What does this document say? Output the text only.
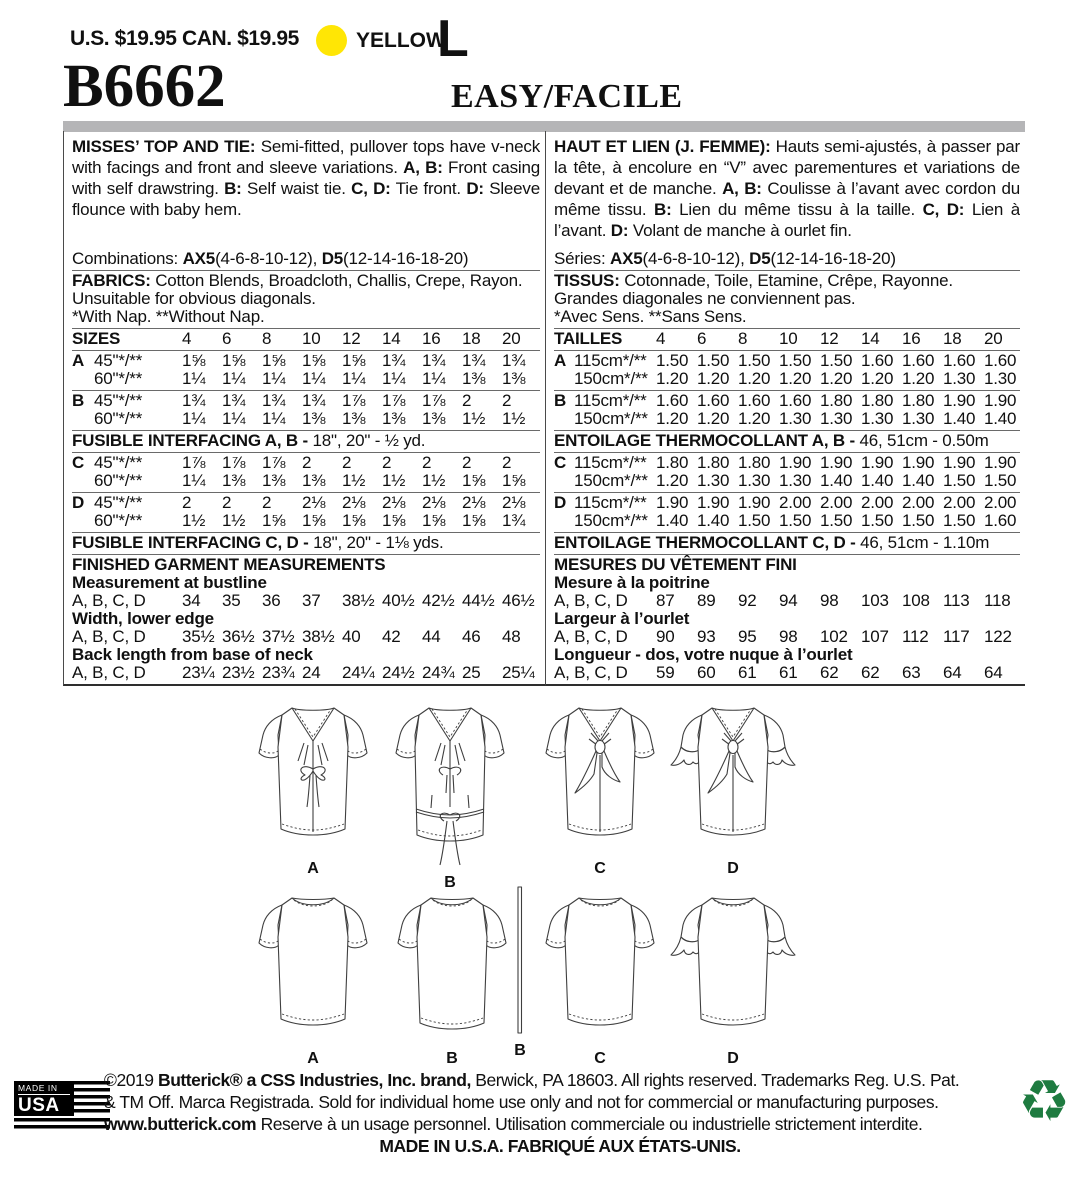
U.S. $19.95 CAN. $19.95	YELLOW
L
B6662	EASY/FACILE

MISSES’ TOP AND TIE: Semi-fitted, pullover tops have v-neck with facings and front and sleeve variations. A, B: Front casing with self drawstring. B: Self waist tie. C, D: Tie front. D: Sleeve flounce with baby hem.

Combinations: AX5(4-6-8-10-12), D5(12-14-16-18-20)
FABRICS: Cotton Blends, Broadcloth, Challis, Crepe, Rayon.
Unsuitable for obvious diagonals.
*With Nap. **Without Nap.
SIZES	4	6	8	10	12	14	16	18	20
A 45"*/**	1⅝ 1⅝ 1⅝ 1⅝ 1⅝ 1¾ 1¾ 1¾ 1¾
60"*/**	1¼ 1¼ 1¼ 1¼ 1¼ 1¼ 1¼ 1⅜ 1⅜
B 45"*/**	1¾ 1¾ 1¾ 1¾ 1⅞ 1⅞ 1⅞ 2	2
60"*/**	1¼ 1¼ 1¼ 1⅜ 1⅜ 1⅜ 1⅜ 1½ 1½
FUSIBLE INTERFACING A, B - 18", 20" - ½ yd.
C 45"*/**	1⅞ 1⅞ 1⅞ 2	2	2	2	2	2
60"*/**	1¼ 1⅜ 1⅜ 1⅜ 1½ 1½ 1½ 1⅝ 1⅝
D 45"*/**	2	2	2	2⅛ 2⅛ 2⅛ 2⅛ 2⅛ 2⅛
60"*/**	1½ 1½ 1⅝ 1⅝ 1⅝ 1⅝ 1⅝ 1⅝ 1¾
FUSIBLE INTERFACING C, D - 18", 20" - 1⅛ yds.
FINISHED GARMENT MEASUREMENTS
Measurement at bustline
A, B, C, D	34	35	36	37	38½ 40½ 42½ 44½ 46½
Width, lower edge
A, B, C, D	35½ 36½ 37½ 38½ 40	42	44	46	48
Back length from base of neck
A, B, C, D	23¼ 23½ 23¾ 24	24¼ 24½ 24¾ 25	25¼

HAUT ET LIEN (J. FEMME): Hauts semi-ajustés, à passer par la tête, à encolure en “V” avec parementures et variations de devant et de manche. A, B: Coulisse à l’avant avec cordon du même tissu. B: Lien du même tissu à la taille. C, D: Lien à l’avant. D: Volant de manche à ourlet fin.

Séries: AX5(4-6-8-10-12), D5(12-14-16-18-20)
TISSUS: Cotonnade, Toile, Etamine, Crêpe, Rayonne.
Grandes diagonales ne conviennent pas.
*Avec Sens. **Sans Sens.
TAILLES	4	6	8	10	12	14	16	18	20
A 115cm*/** 1.50 1.50 1.50 1.50 1.50 1.60 1.60 1.60 1.60
150cm*/** 1.20 1.20 1.20 1.20 1.20 1.20 1.20 1.30 1.30
B 115cm*/** 1.60 1.60 1.60 1.60 1.80 1.80 1.80 1.90 1.90
150cm*/** 1.20 1.20 1.20 1.30 1.30 1.30 1.30 1.40 1.40
ENTOILAGE THERMOCOLLANT A, B - 46, 51cm - 0.50m
C 115cm*/** 1.80 1.80 1.80 1.90 1.90 1.90 1.90 1.90 1.90
150cm*/** 1.20 1.30 1.30 1.30 1.40 1.40 1.40 1.50 1.50
D 115cm*/** 1.90 1.90 1.90 2.00 2.00 2.00 2.00 2.00 2.00
150cm*/** 1.40 1.40 1.50 1.50 1.50 1.50 1.50 1.50 1.60
ENTOILAGE THERMOCOLLANT C, D - 46, 51cm - 1.10m
MESURES DU VÊTEMENT FINI
Mesure à la poitrine
A, B, C, D	87	89	92	94	98	103 108 113 118
Largeur à l’ourlet
A, B, C, D	90	93	95	98	102 107 112 117 122
Longueur - dos, votre nuque à l’ourlet
A, B, C, D	59	60	61	61	62	62	63	64	64
A
B
C	D
A	B	B	C	D
MADE IN
USA
©2019 Butterick® a CSS Industries, Inc. brand, Berwick, PA 18603. All rights reserved. Trademarks Reg. U.S. Pat.
& TM Off. Marca Registrada. Sold for individual home use only and not for commercial or manufacturing purposes.
www.butterick.com Reserve à un usage personnel. Utilisation commerciale ou industrielle strictement interdite.
MADE IN U.S.A. FABRIQUÉ AUX ÉTATS-UNIS.
♻
